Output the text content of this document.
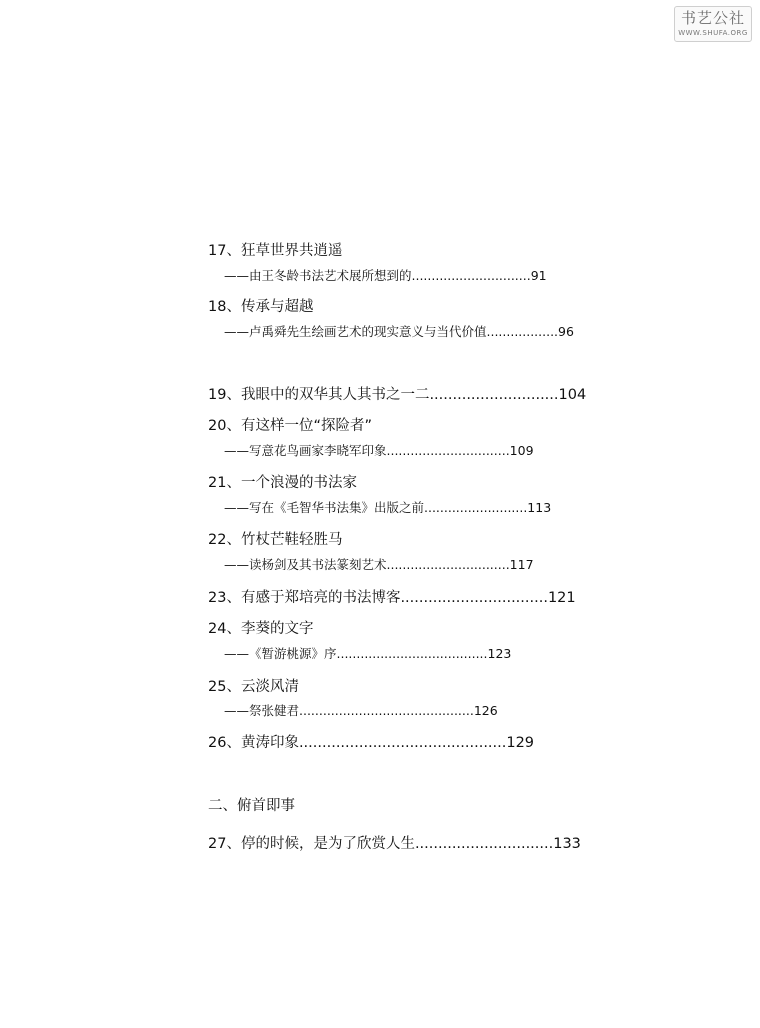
书艺公社
WWW.SHUFA.ORG
17、狂草世界共逍遥
——由王冬龄书法艺术展所想到的..............................91
18、传承与超越
——卢禹舜先生绘画艺术的现实意义与当代价值..................96
19、我眼中的双华其人其书之一二............................104
20、有这样一位“探险者”
——写意花鸟画家李晓军印象...............................109
21、一个浪漫的书法家
——写在《毛智华书法集》出版之前..........................113
22、竹杖芒鞋轻胜马
——读杨剑及其书法篆刻艺术...............................117
23、有感于郑培亮的书法博客................................121
24、李葵的文字
——《暂游桃源》序......................................123
25、云淡风清
——祭张健君............................................126
26、黄涛印象.............................................129
二、俯首即事
27、停的时候，是为了欣赏人生..............................133
